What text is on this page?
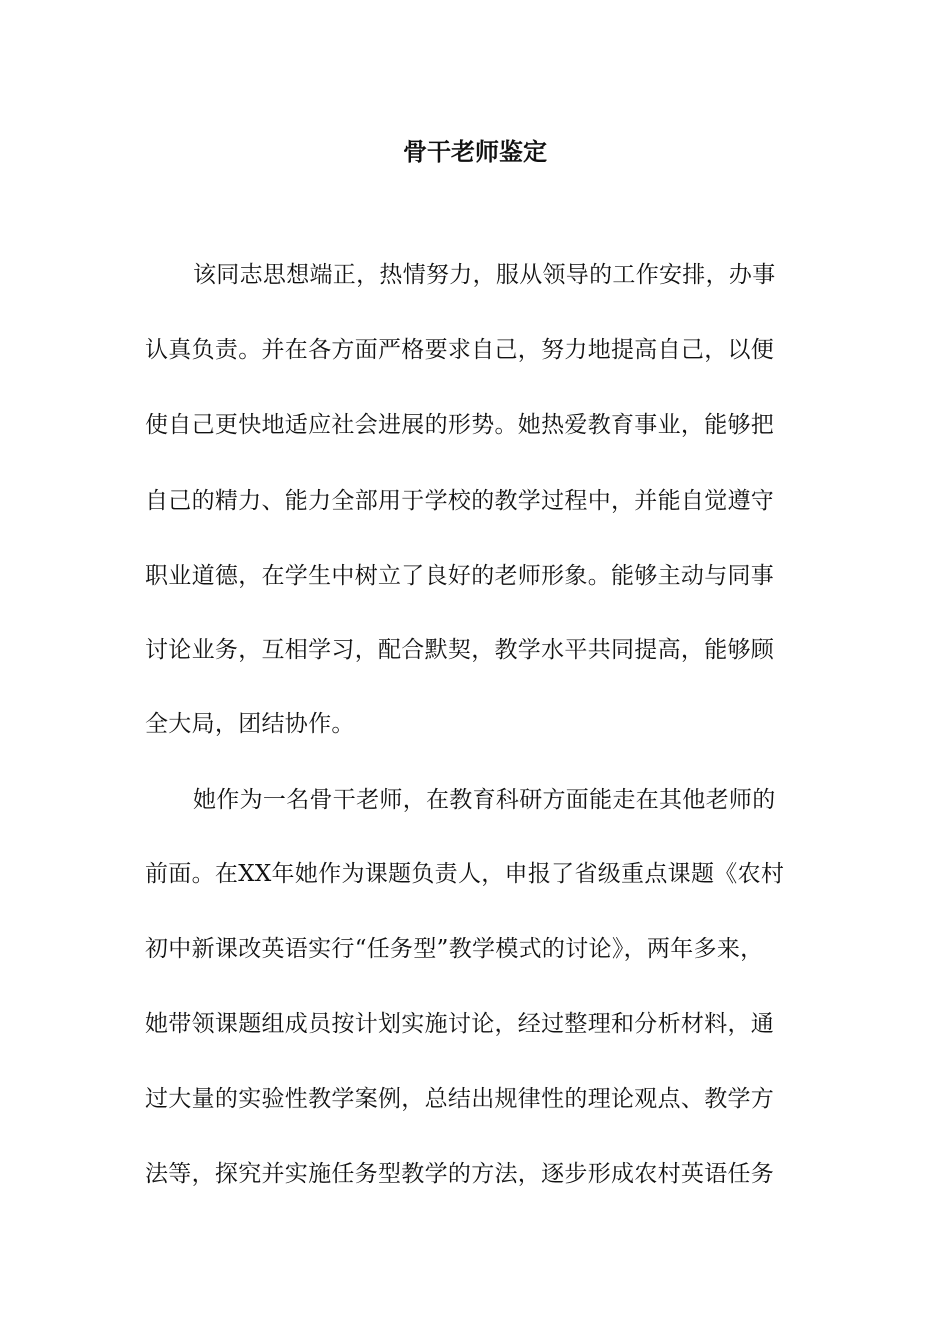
骨干老师鉴定
该同志思想端正，热情努力，服从领导的工作安排，办事
认真负责。并在各方面严格要求自己，努力地提高自己，以便
使自己更快地适应社会进展的形势。她热爱教育事业，能够把
自己的精力、能力全部用于学校的教学过程中，并能自觉遵守
职业道德，在学生中树立了良好的老师形象。能够主动与同事
讨论业务，互相学习，配合默契，教学水平共同提高，能够顾
全大局，团结协作。
她作为一名骨干老师，在教育科研方面能走在其他老师的
前面。在XX年她作为课题负责人，申报了省级重点课题《农村
初中新课改英语实行“任务型”教学模式的讨论》，两年多来，
她带领课题组成员按计划实施讨论，经过整理和分析材料，通
过大量的实验性教学案例，总结出规律性的理论观点、教学方
法等，探究并实施任务型教学的方法，逐步形成农村英语任务
